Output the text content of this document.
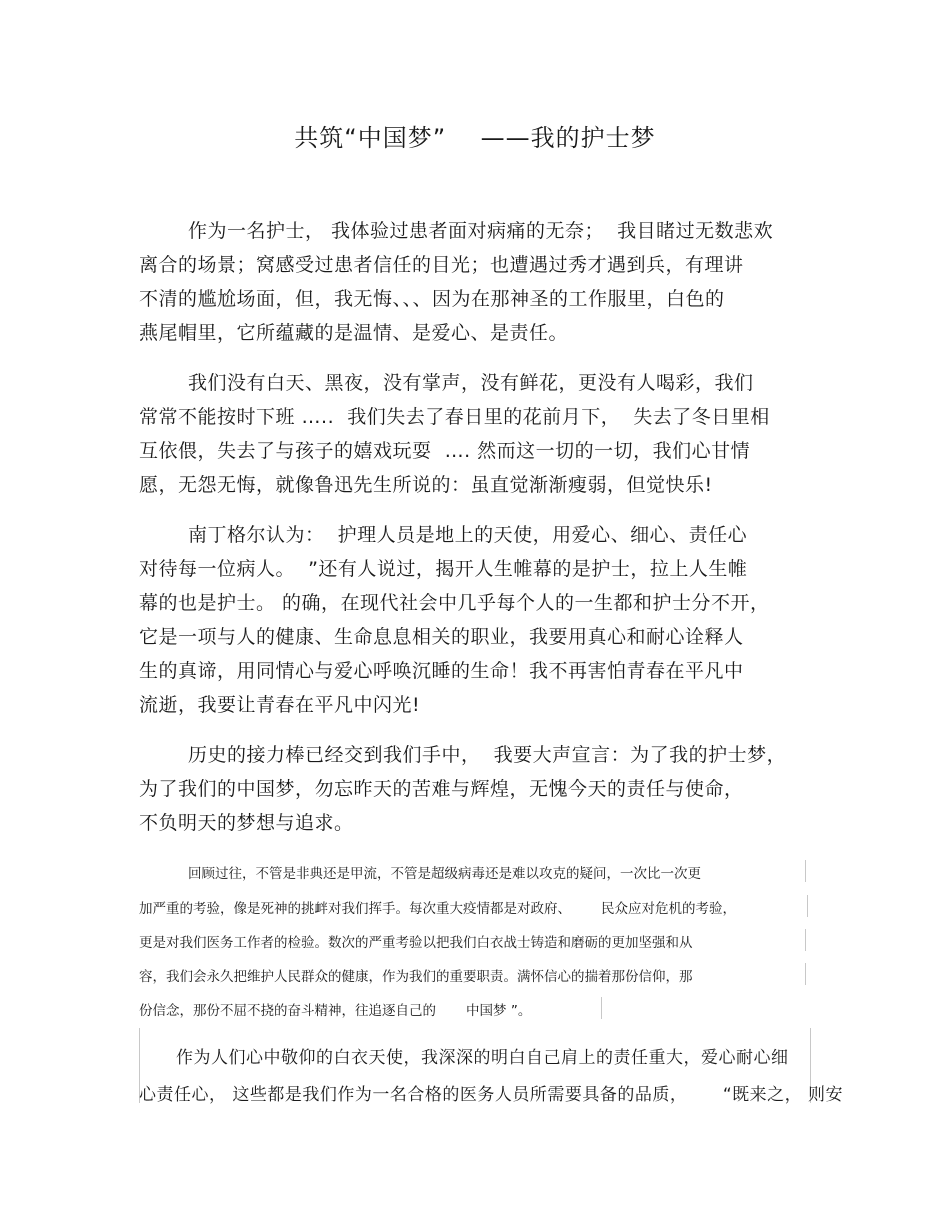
共筑“中国梦”    ——我的护士梦
作为一名护士， 我体验过患者面对病痛的无奈；  我目睹过无数悲欢
离合的场景；窝感受过患者信任的目光；也遭遇过秀才遇到兵，有理讲
不清的尴尬场面，但，我无悔、、、因为在那神圣的工作服里，白色的
燕尾帽里，它所蕴藏的是温情、是爱心、是责任。
我们没有白天、黑夜，没有掌声，没有鲜花，更没有人喝彩，我们
常常不能按时下班 …..  我们失去了春日里的花前月下，  失去了冬日里相
互依偎，失去了与孩子的嬉戏玩耍  …. 然而这一切的一切，我们心甘情
愿，无怨无悔，就像鲁迅先生所说的：虽直觉渐渐瘦弱，但觉快乐!
南丁格尔认为：  护理人员是地上的天使，用爱心、细心、责任心
对待每一位病人。  ”还有人说过，揭开人生帷幕的是护士，拉上人生帷
幕的也是护士。 的确，在现代社会中几乎每个人的一生都和护士分不开，
它是一项与人的健康、生命息息相关的职业，我要用真心和耐心诠释人
生的真谛，用同情心与爱心呼唤沉睡的生命！我不再害怕青春在平凡中
流逝，我要让青春在平凡中闪光!
历史的接力棒已经交到我们手中，  我要大声宣言：为了我的护士梦，
为了我们的中国梦，勿忘昨天的苦难与辉煌，无愧今天的责任与使命，
不负明天的梦想与追求。
回顾过往，不管是非典还是甲流，不管是超级病毒还是难以攻克的疑问，一次比一次更
加严重的考验，像是死神的挑衅对我们挥手。每次重大疫情都是对政府、       民众应对危机的考验，
更是对我们医务工作者的检验。数次的严重考验以把我们白衣战士铸造和磨砺的更加坚强和从
容，我们会永久把维护人民群众的健康，作为我们的重要职责。满怀信心的揣着那份信仰，那
份信念，那份不屈不挠的奋斗精神，往追逐自己的       中国梦 ”。
作为人们心中敬仰的白衣天使，我深深的明白自己肩上的责任重大，爱心耐心细
心责任心， 这些都是我们作为一名合格的医务人员所需要具备的品质，      “既来之， 则安
